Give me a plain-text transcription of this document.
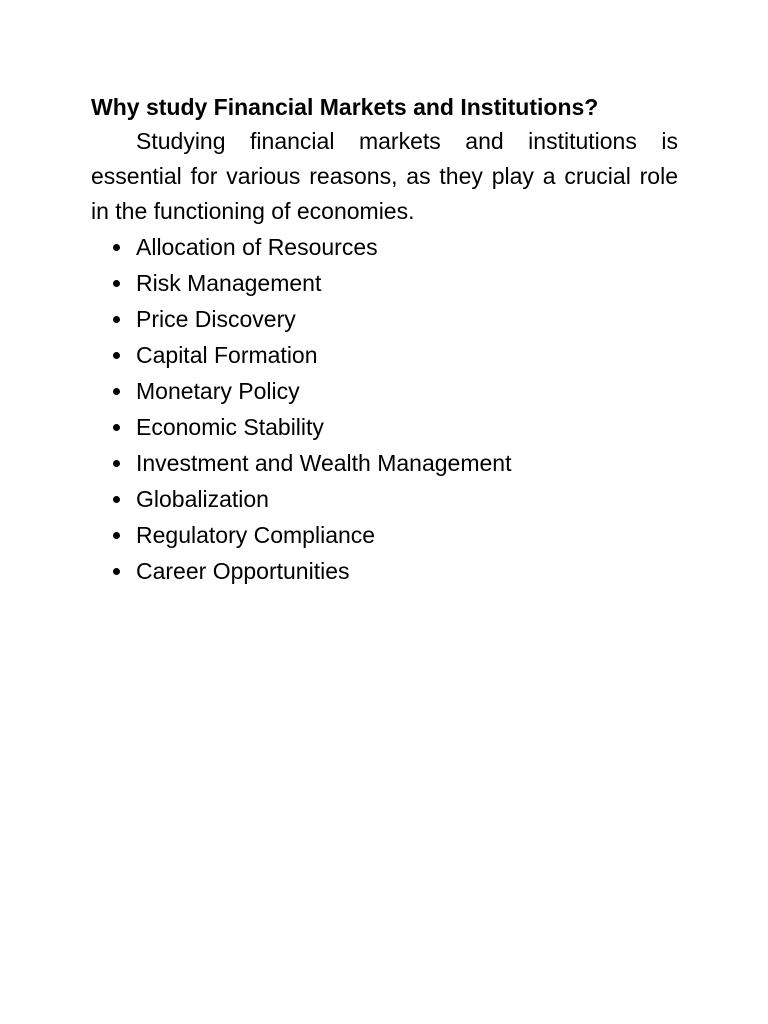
Why study Financial Markets and Institutions?

Studying financial markets and institutions is essential for various reasons, as they play a crucial role in the functioning of economies.

Allocation of Resources
Risk Management
Price Discovery
Capital Formation
Monetary Policy
Economic Stability
Investment and Wealth Management
Globalization
Regulatory Compliance
Career Opportunities
